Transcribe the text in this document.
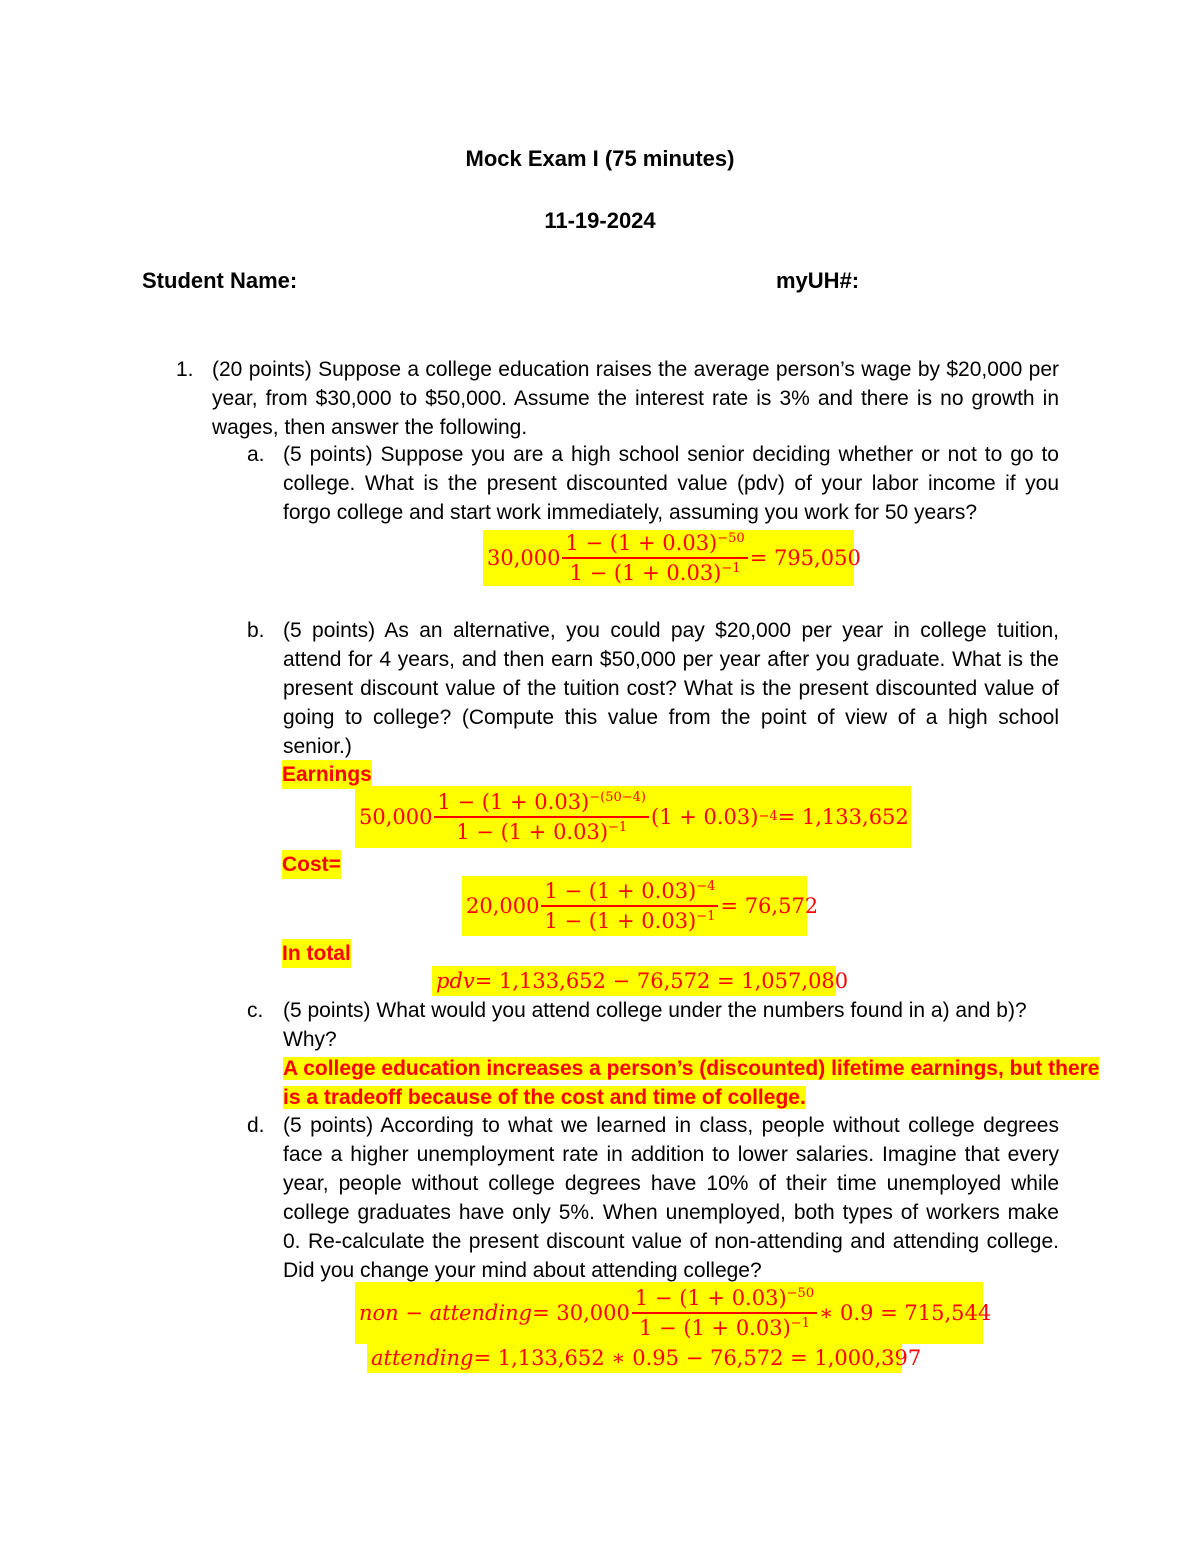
Mock Exam I (75 minutes)
11-19-2024
Student Name:	myUH#:
1. (20 points) Suppose a college education raises the average person’s wage by $20,000 per year, from $30,000 to $50,000. Assume the interest rate is 3% and there is no growth in wages, then answer the following.
a. (5 points) Suppose you are a high school senior deciding whether or not to go to college. What is the present discounted value (pdv) of your labor income if you forgo college and start work immediately, assuming you work for 50 years?
$30,000 \frac{1 - (1 + 0.03)^{-50}}{1 - (1 + 0.03)^{-1}} = 795,050$
b. (5 points) As an alternative, you could pay $20,000 per year in college tuition, attend for 4 years, and then earn $50,000 per year after you graduate. What is the present discount value of the tuition cost? What is the present discounted value of going to college? (Compute this value from the point of view of a high school senior.)
Earnings
$50,000 \frac{1 - (1 + 0.03)^{-(50-4)}}{1 - (1 + 0.03)^{-1}} (1 + 0.03) -4 = 1,133,652$
Cost=
$20,000 \frac{1 - (1 + 0.03)^{-4}}{1 - (1 + 0.03)^{-1}} = 76,572$
In total
pdv = 1,133,652 − 76,572 = 1,057,080
c. (5 points) What would you attend college under the numbers found in a) and b)? Why?
A college education increases a person’s (discounted) lifetime earnings, but there
is a tradeoff because of the cost and time of college.
d. (5 points) According to what we learned in class, people without college degrees face a higher unemployment rate in addition to lower salaries. Imagine that every year, people without college degrees have 10% of their time unemployed while college graduates have only 5%. When unemployed, both types of workers make 0. Re-calculate the present discount value of non-attending and attending college. Did you change your mind about attending college?
non − attending = $30,000 \frac{1 - (1 + 0.03)^{-50}}{1 - (1 + 0.03)^{-1}}$ ∗ 0.9 = 715,544
attending = 1,133,652 ∗ 0.95 − 76,572 = 1,000,397
